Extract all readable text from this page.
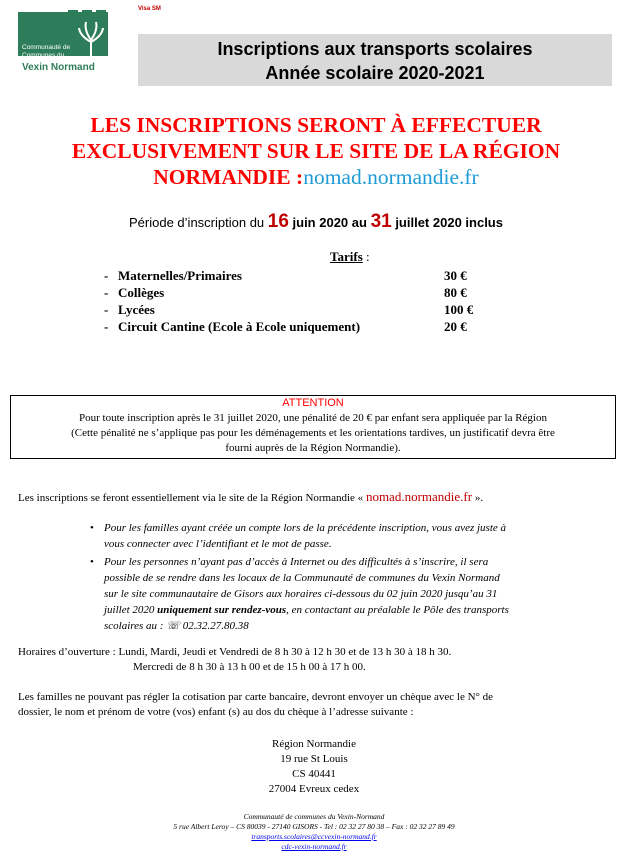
Communauté de
Communes du
Vexin Normand
Visa SM
Inscriptions aux transports scolaires
Année scolaire 2020-2021
LES INSCRIPTIONS SERONT À EFFECTUER
EXCLUSIVEMENT SUR LE SITE DE LA RÉGION
NORMANDIE :nomad.normandie.fr
Période d’inscription du 16 juin 2020 au 31 juillet 2020 inclus
Tarifs :
- Maternelles/Primaires	30 €
- Collèges	80 €
- Lycées	100 €
- Circuit Cantine (Ecole à Ecole uniquement)	20 €
ATTENTION
Pour toute inscription après le 31 juillet 2020, une pénalité de 20 € par enfant sera appliquée par la Région
(Cette pénalité ne s’applique pas pour les déménagements et les orientations tardives, un justificatif devra être
fourni auprès de la Région Normandie).
Les inscriptions se feront essentiellement via le site de la Région Normandie « nomad.normandie.fr ».
• Pour les familles ayant créée un compte lors de la précédente inscription, vous avez juste à
vous connecter avec l’identifiant et le mot de passe.
• Pour les personnes n’ayant pas d’accès à Internet ou des difficultés à s’inscrire, il sera
possible de se rendre dans les locaux de la Communauté de communes du Vexin Normand
sur le site communautaire de Gisors aux horaires ci-dessous du 02 juin 2020 jusqu’au 31
juillet 2020 uniquement sur rendez-vous, en contactant au préalable le Pôle des transports
scolaires au : ☏ 02.32.27.80.38
Horaires d’ouverture : Lundi, Mardi, Jeudi et Vendredi de 8 h 30 à 12 h 30 et de 13 h 30 à 18 h 30.
Mercredi de 8 h 30 à 13 h 00 et de 15 h 00 à 17 h 00.
Les familles ne pouvant pas régler la cotisation par carte bancaire, devront envoyer un chèque avec le N° de
dossier, le nom et prénom de votre (vos) enfant (s) au dos du chèque à l’adresse suivante :
Région Normandie
19 rue St Louis
CS 40441
27004 Evreux cedex
Communauté de communes du Vexin-Normand
5 rue Albert Leroy – CS 80039 - 27140 GISORS - Tel : 02 32 27 80 38 – Fax : 02 32 27 89 49
transports.scolaires@ccvexin-normand.fr
cdc-vexin-normand.fr
